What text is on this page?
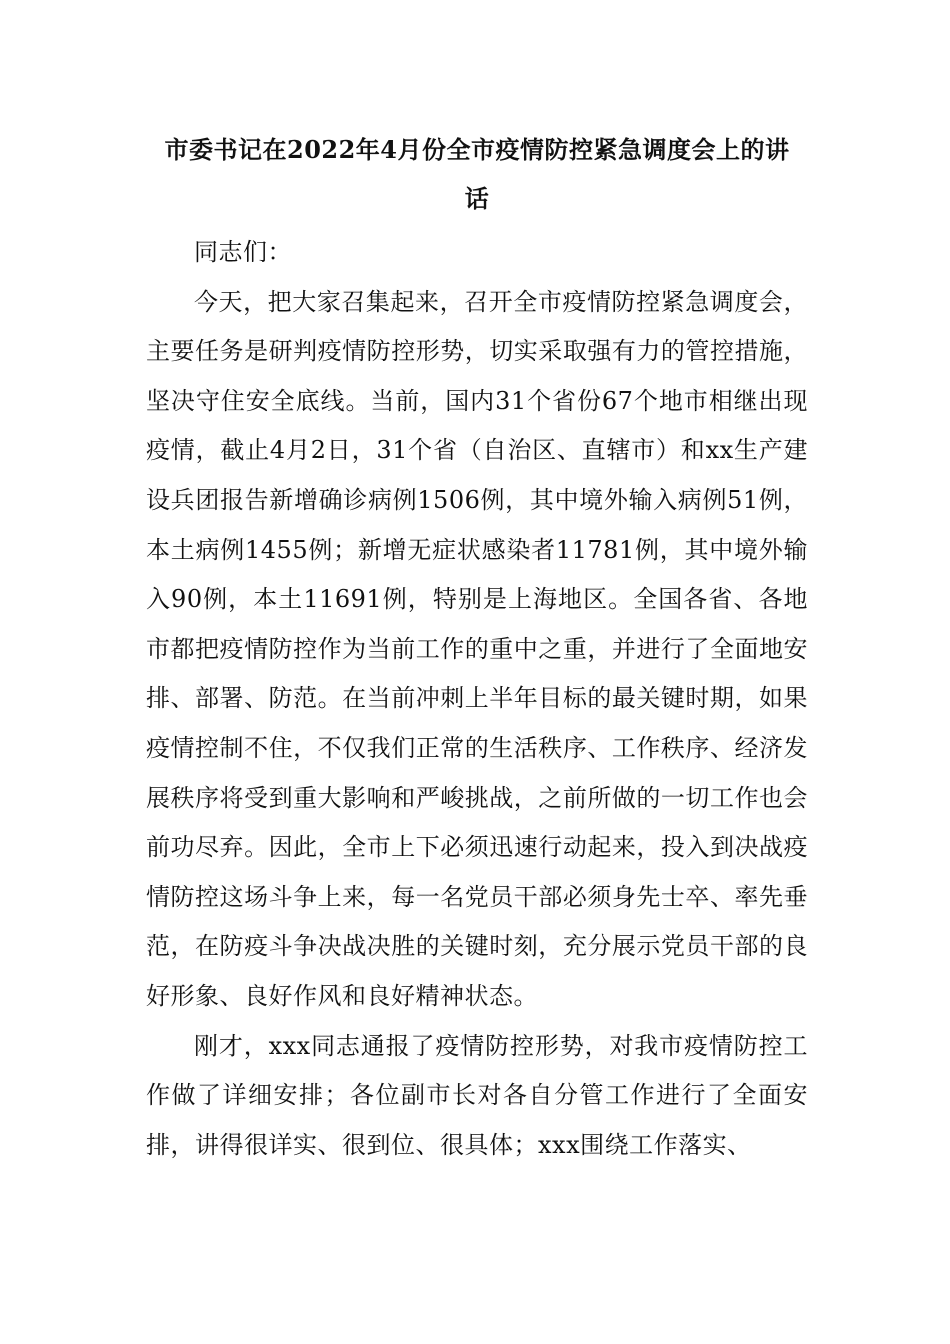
市委书记在2022年4月份全市疫情防控紧急调度会上的讲
话

同志们：

今天，把大家召集起来，召开全市疫情防控紧急调度会，主要任务是研判疫情防控形势，切实采取强有力的管控措施，坚决守住安全底线。当前，国内31个省份67个地市相继出现疫情，截止4月2日，31个省（自治区、直辖市）和xx生产建设兵团报告新增确诊病例1506例，其中境外输入病例51例，本土病例1455例；新增无症状感染者11781例，其中境外输入90例，本土11691例，特别是上海地区。全国各省、各地市都把疫情防控作为当前工作的重中之重，并进行了全面地安排、部署、防范。在当前冲刺上半年目标的最关键时期，如果疫情控制不住，不仅我们正常的生活秩序、工作秩序、经济发展秩序将受到重大影响和严峻挑战，之前所做的一切工作也会前功尽弃。因此，全市上下必须迅速行动起来，投入到决战疫情防控这场斗争上来，每一名党员干部必须身先士卒、率先垂范，在防疫斗争决战决胜的关键时刻，充分展示党员干部的良好形象、良好作风和良好精神状态。

刚才，xxx同志通报了疫情防控形势，对我市疫情防控工作做了详细安排；各位副市长对各自分管工作进行了全面安排，讲得很详实、很到位、很具体；xxx围绕工作落实、
